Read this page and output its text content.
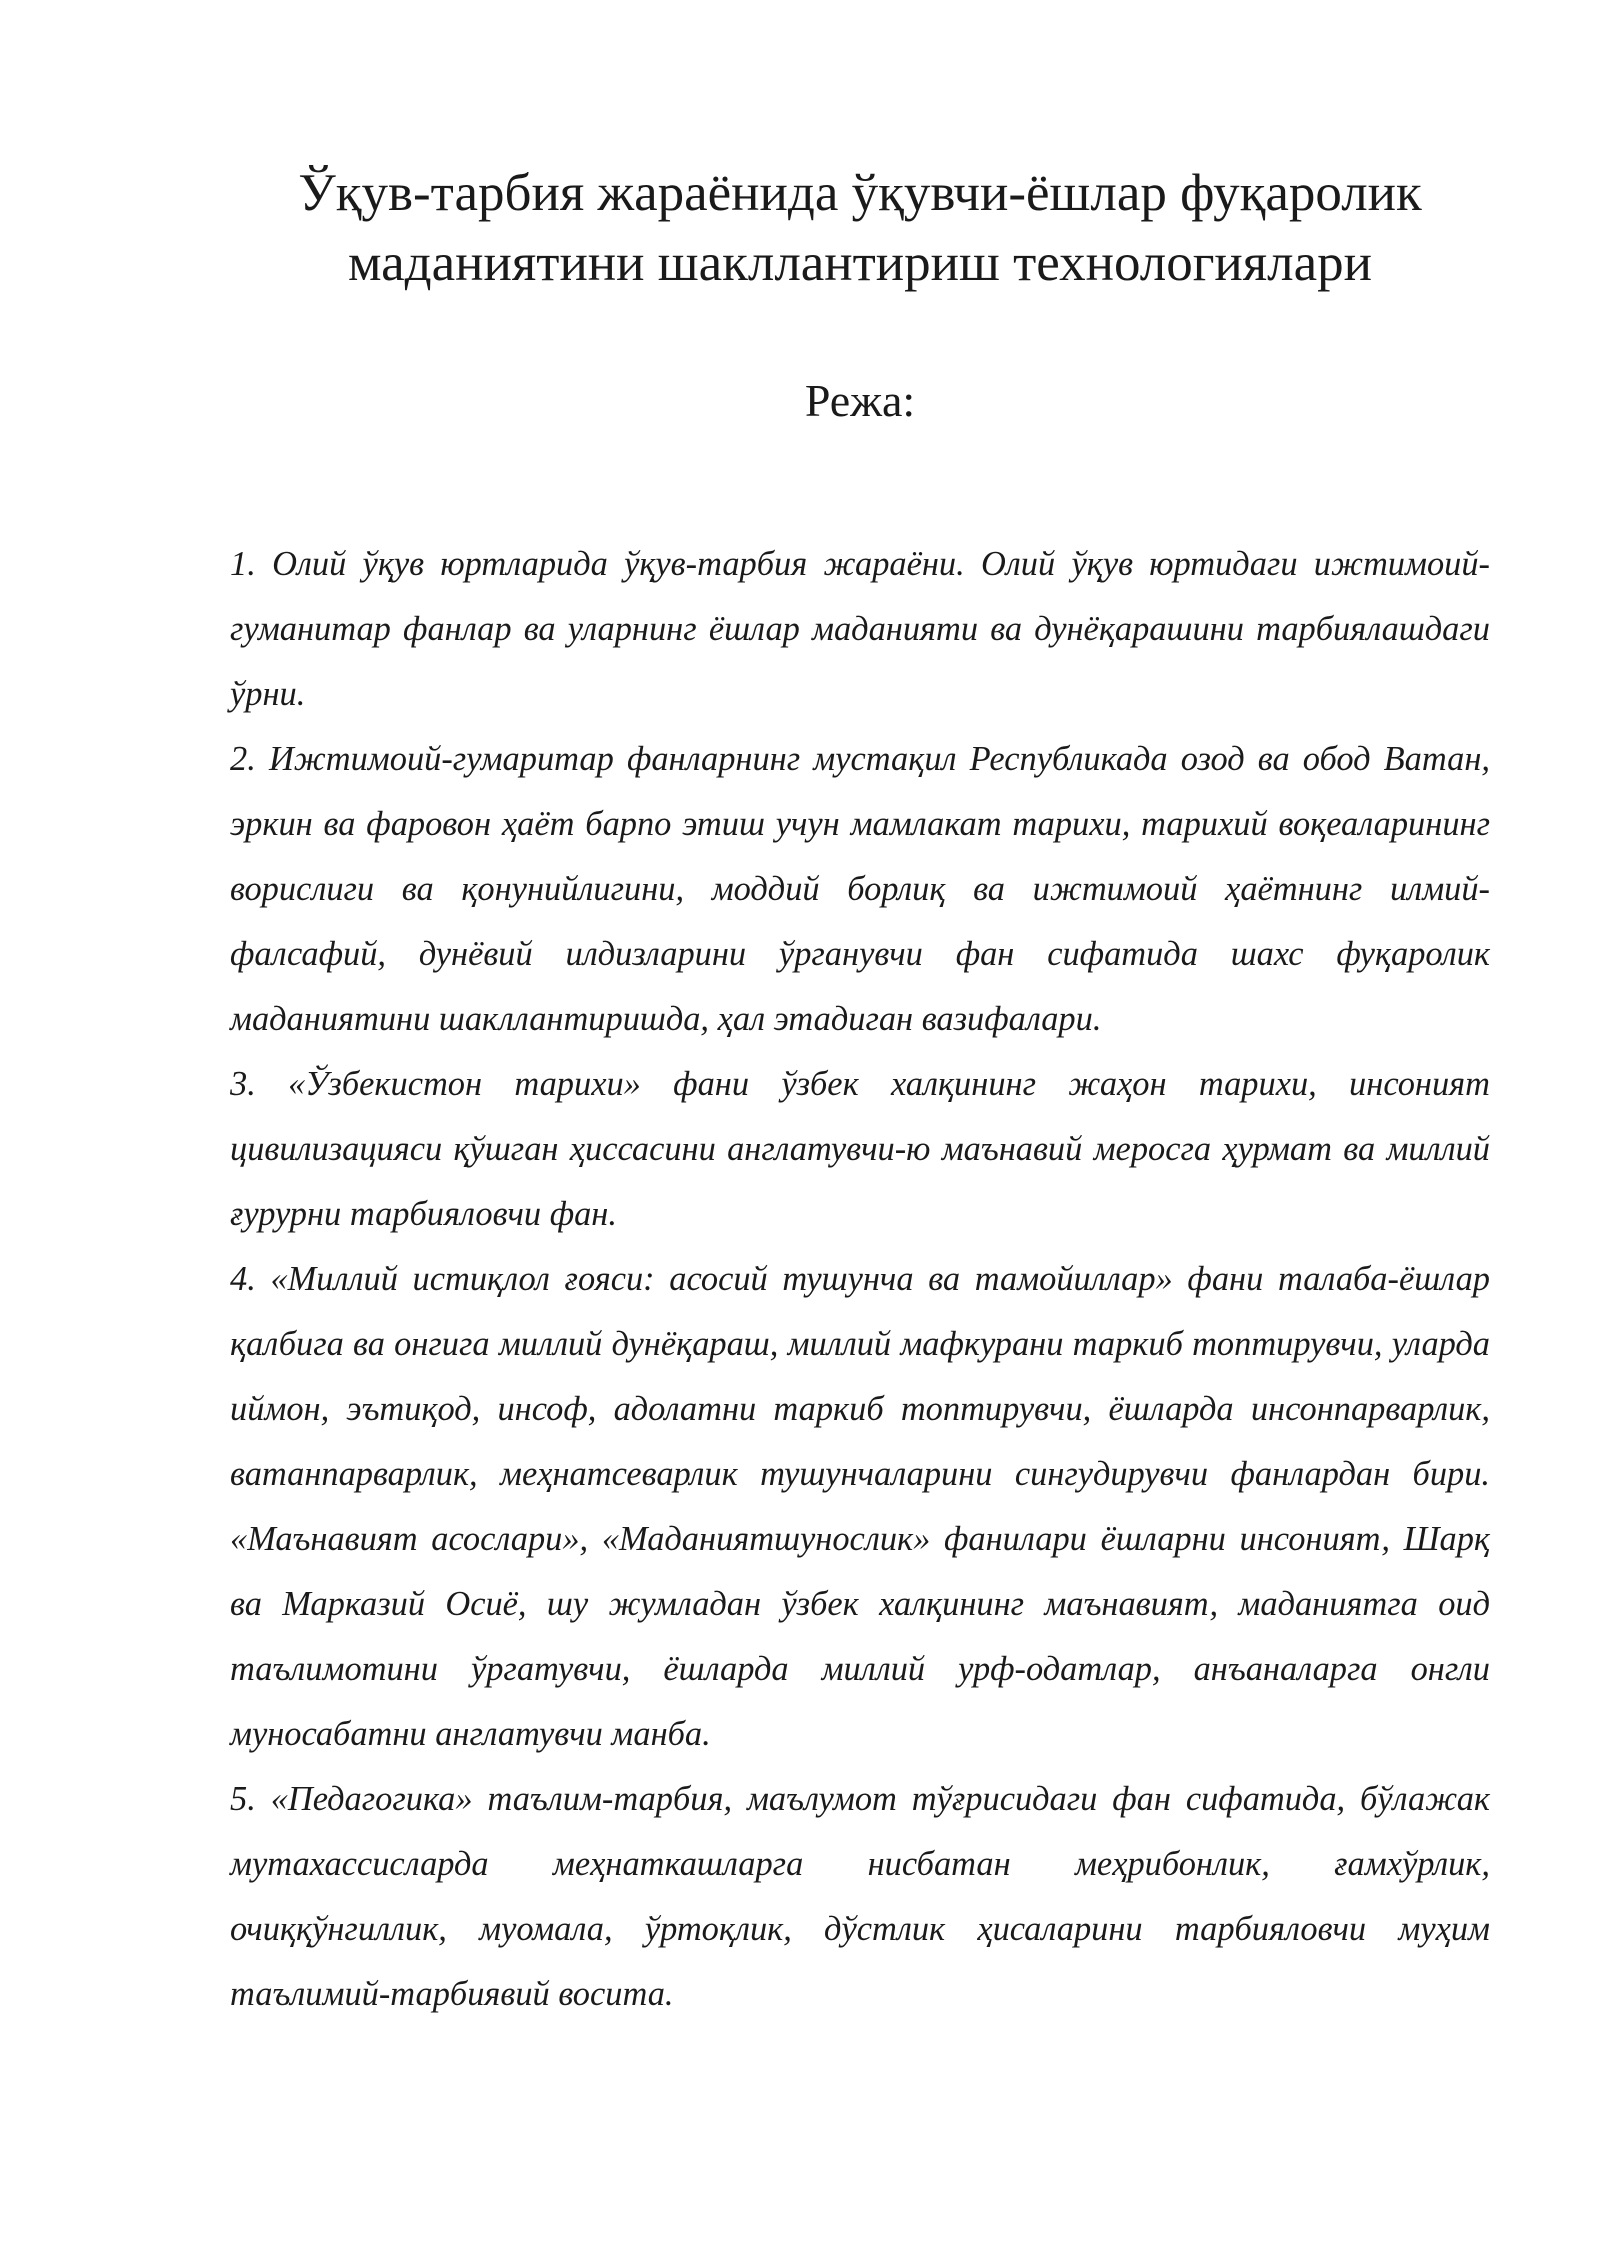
Ўқув-тарбия жараёнида ўқувчи-ёшлар фуқаролик
маданиятини шакллантириш технологиялари
Режа:
1. Олий ўқув юртларида ўқув-тарбия жараёни. Олий ўқув юртидаги ижтимоий-гуманитар фанлар ва уларнинг ёшлар маданияти ва дунёқарашини тарбиялашдаги ўрни.
2. Ижтимоий-гумаритар фанларнинг мустақил Республикада озод ва обод Ватан, эркин ва фаровон ҳаёт барпо этиш учун мамлакат тарихи, тарихий воқеаларининг ворислиги ва қонунийлигини, моддий борлиқ ва ижтимоий ҳаётнинг илмий-фалсафий, дунёвий илдизларини ўрганувчи фан сифатида шахс фуқаролик маданиятини шакллантиришда, ҳал этадиган вазифалари.
3. «Ўзбекистон тарихи» фани ўзбек халқининг жаҳон тарихи, инсоният цивилизацияси қўшган ҳиссасини англатувчи-ю маънавий меросга ҳурмат ва миллий ғурурни тарбияловчи фан.
4. «Миллий истиқлол ғояси: асосий тушунча ва тамойиллар» фани талаба-ёшлар қалбига ва онгига миллий дунёқараш, миллий мафкурани таркиб топтирувчи, уларда иймон, эътиқод, инсоф, адолатни таркиб топтирувчи, ёшларда инсонпарварлик, ватанпарварлик, меҳнатсеварлик тушунчаларини сингудирувчи фанлардан бири. «Маънавият асослари», «Маданиятшунослик» фанилари ёшларни инсоният, Шарқ ва Марказий Осиё, шу жумладан ўзбек халқининг маънавият, маданиятга оид таълимотини ўргатувчи, ёшларда миллий урф-одатлар, анъаналарга онгли муносабатни англатувчи манба.
5. «Педагогика» таълим-тарбия, маълумот тўғрисидаги фан сифатида, бўлажак мутахассисларда меҳнаткашларга нисбатан меҳрибонлик, ғамхўрлик, очиққўнгиллик, муомала, ўртоқлик, дўстлик ҳисаларини тарбияловчи муҳим таълимий-тарбиявий восита.
